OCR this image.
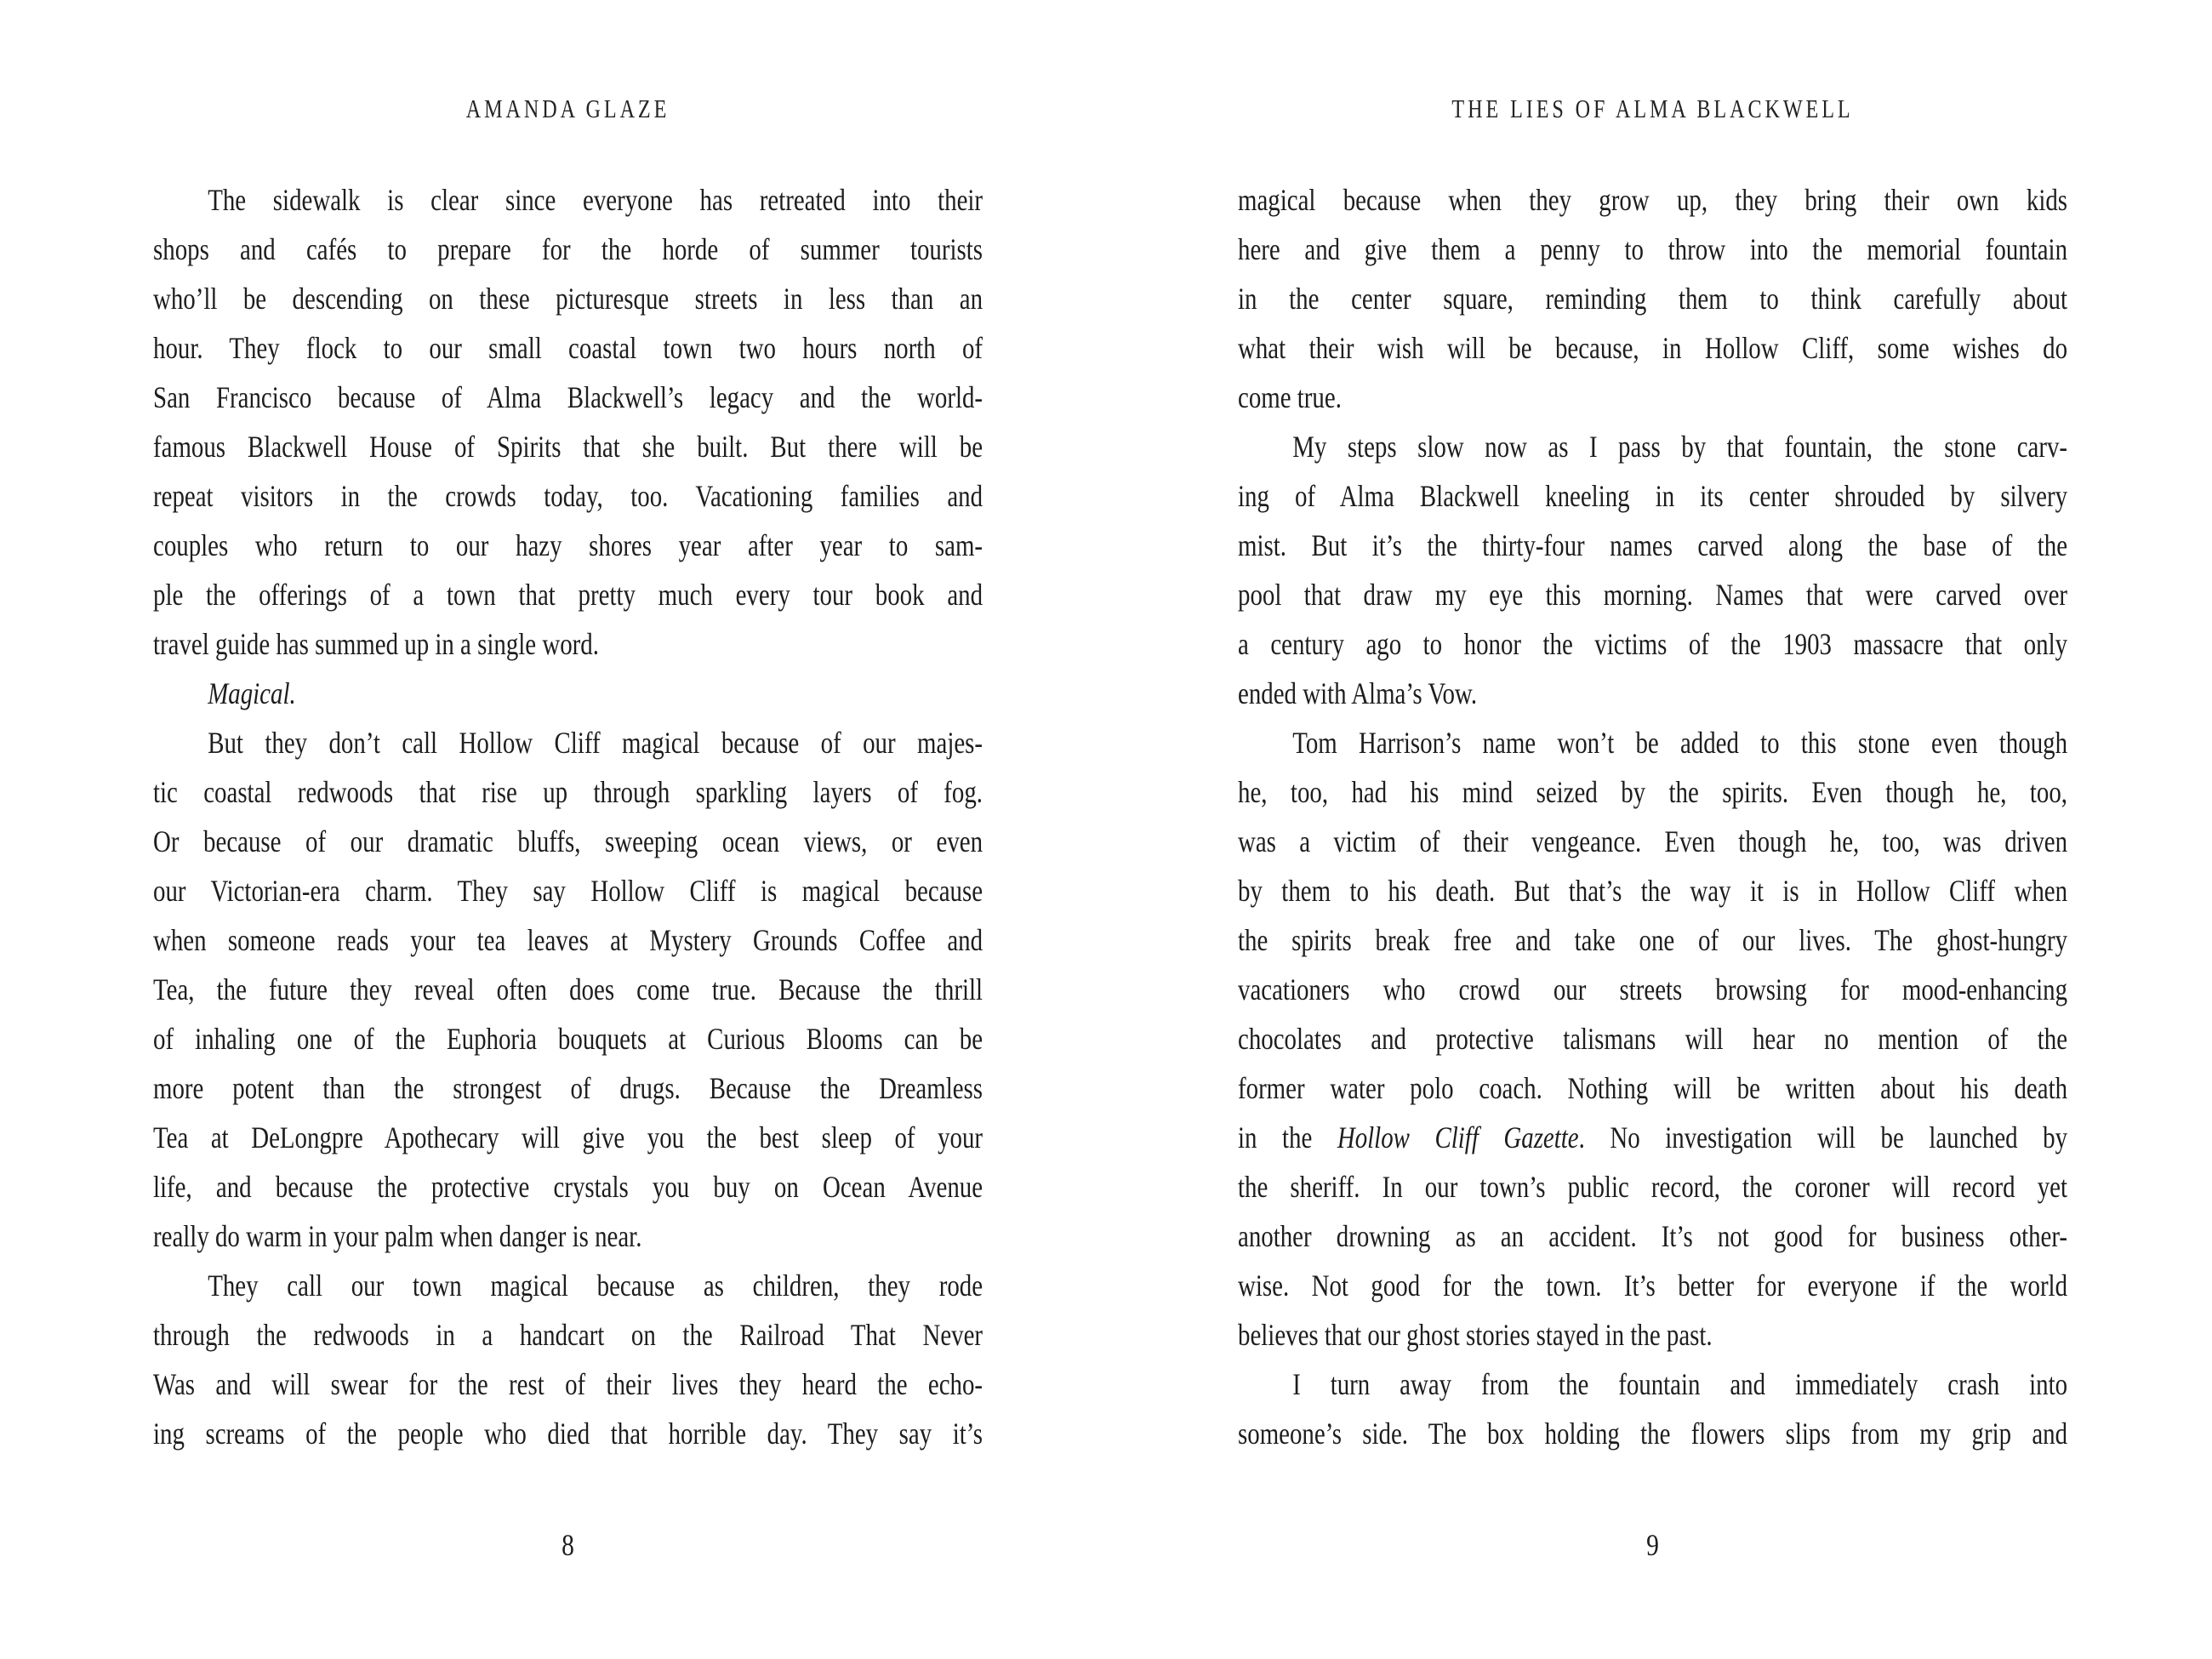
AMANDA GLAZE
The sidewalk is clear since everyone has retreated into their
shops and cafés to prepare for the horde of summer tourists
who’ll be descending on these picturesque streets in less than an
hour. They flock to our small coastal town two hours north of
San Francisco because of Alma Blackwell’s legacy and the world-
famous Blackwell House of Spirits that she built. But there will be
repeat visitors in the crowds today, too. Vacationing families and
couples who return to our hazy shores year after year to sam-
ple the offerings of a town that pretty much every tour book and
travel guide has summed up in a single word.
Magical.
But they don’t call Hollow Cliff magical because of our majes-
tic coastal redwoods that rise up through sparkling layers of fog.
Or because of our dramatic bluffs, sweeping ocean views, or even
our Victorian-era charm. They say Hollow Cliff is magical because
when someone reads your tea leaves at Mystery Grounds Coffee and
Tea, the future they reveal often does come true. Because the thrill
of inhaling one of the Euphoria bouquets at Curious Blooms can be
more potent than the strongest of drugs. Because the Dreamless
Tea at DeLongpre Apothecary will give you the best sleep of your
life, and because the protective crystals you buy on Ocean Avenue
really do warm in your palm when danger is near.
They call our town magical because as children, they rode
through the redwoods in a handcart on the Railroad That Never
Was and will swear for the rest of their lives they heard the echo-
ing screams of the people who died that horrible day. They say it’s
8
THE LIES OF ALMA BLACKWELL
magical because when they grow up, they bring their own kids
here and give them a penny to throw into the memorial fountain
in the center square, reminding them to think carefully about
what their wish will be because, in Hollow Cliff, some wishes do
come true.
My steps slow now as I pass by that fountain, the stone carv-
ing of Alma Blackwell kneeling in its center shrouded by silvery
mist. But it’s the thirty-four names carved along the base of the
pool that draw my eye this morning. Names that were carved over
a century ago to honor the victims of the 1903 massacre that only
ended with Alma’s Vow.
Tom Harrison’s name won’t be added to this stone even though
he, too, had his mind seized by the spirits. Even though he, too,
was a victim of their vengeance. Even though he, too, was driven
by them to his death. But that’s the way it is in Hollow Cliff when
the spirits break free and take one of our lives. The ghost-hungry
vacationers who crowd our streets browsing for mood-enhancing
chocolates and protective talismans will hear no mention of the
former water polo coach. Nothing will be written about his death
in the Hollow Cliff Gazette. No investigation will be launched by
the sheriff. In our town’s public record, the coroner will record yet
another drowning as an accident. It’s not good for business other-
wise. Not good for the town. It’s better for everyone if the world
believes that our ghost stories stayed in the past.
I turn away from the fountain and immediately crash into
someone’s side. The box holding the flowers slips from my grip and
9
